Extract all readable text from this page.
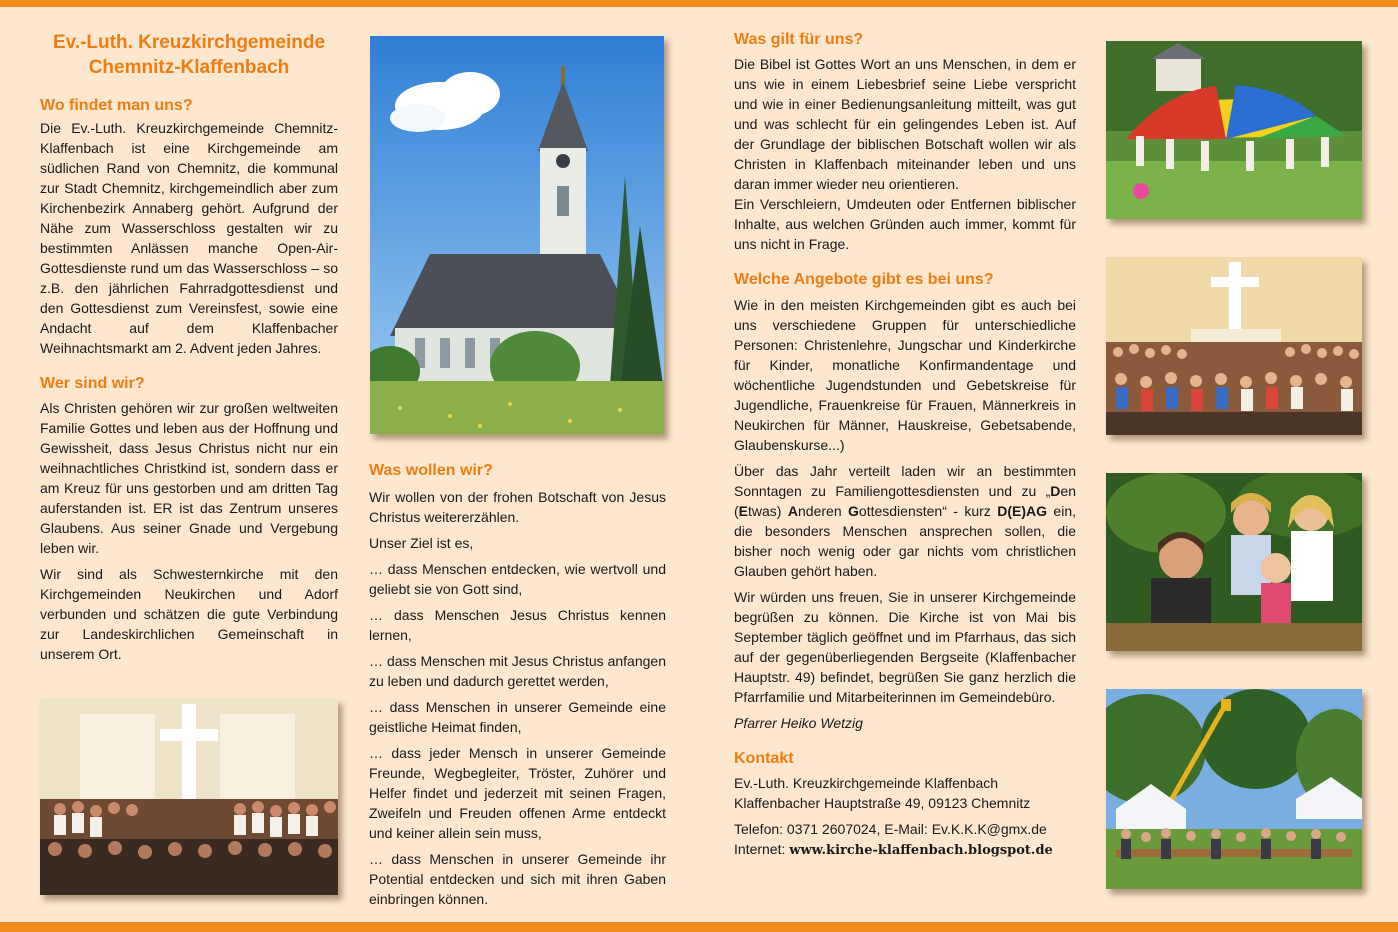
Ev.-Luth. Kreuzkirchgemeinde
Chemnitz-Klaffenbach

Wo findet man uns?

Die Ev.-Luth. Kreuzkirchgemeinde Chemnitz-Klaffenbach ist eine Kirchgemeinde am südlichen Rand von Chemnitz, die kommunal zur Stadt Chemnitz, kirchgemeindlich aber zum Kirchenbezirk Annaberg gehört. Aufgrund der Nähe zum Wasserschloss gestalten wir zu bestimmten Anlässen manche Open-Air-Gottesdienste rund um das Wasserschloss – so z.B. den jährlichen Fahrradgottesdienst und den Gottesdienst zum Vereinsfest, sowie eine Andacht auf dem Klaffenbacher Weihnachtsmarkt am 2. Advent jeden Jahres.

Wer sind wir?

Als Christen gehören wir zur großen weltweiten Familie Gottes und leben aus der Hoffnung und Gewissheit, dass Jesus Christus nicht nur ein weihnachtliches Christkind ist, sondern dass er am Kreuz für uns gestorben und am dritten Tag auferstanden ist. ER ist das Zentrum unseres Glaubens. Aus seiner Gnade und Vergebung leben wir.

Wir sind als Schwesternkirche mit den Kirchgemeinden Neukirchen und Adorf verbunden und schätzen die gute Verbindung zur Landeskirchlichen Gemeinschaft in unserem Ort.

Was wollen wir?

Wir wollen von der frohen Botschaft von Jesus Christus weitererzählen.

Unser Ziel ist es,

… dass Menschen entdecken, wie wertvoll und geliebt sie von Gott sind,

… dass Menschen Jesus Christus kennen lernen,

… dass Menschen mit Jesus Christus anfangen zu leben und dadurch gerettet werden,

… dass Menschen in unserer Gemeinde eine geistliche Heimat finden,

… dass jeder Mensch in unserer Gemeinde Freunde, Wegbegleiter, Tröster, Zuhörer und Helfer findet und jederzeit mit seinen Fragen, Zweifeln und Freuden offenen Arme entdeckt und keiner allein sein muss,

… dass Menschen in unserer Gemeinde ihr Potential entdecken und sich mit ihren Gaben einbringen können.

Was gilt für uns?

Die Bibel ist Gottes Wort an uns Menschen, in dem er uns wie in einem Liebesbrief seine Liebe verspricht und wie in einer Bedienungsanleitung mitteilt, was gut und was schlecht für ein gelingendes Leben ist. Auf der Grundlage der biblischen Botschaft wollen wir als Christen in Klaffenbach miteinander leben und uns daran immer wieder neu orientieren.

Ein Verschleiern, Umdeuten oder Entfernen biblischer Inhalte, aus welchen Gründen auch immer, kommt für uns nicht in Frage.

Welche Angebote gibt es bei uns?

Wie in den meisten Kirchgemeinden gibt es auch bei uns verschiedene Gruppen für unterschiedliche Personen: Christenlehre, Jungschar und Kinderkirche für Kinder, monatliche Konfirmandentage und wöchentliche Jugendstunden und Gebetskreise für Jugendliche, Frauenkreise für Frauen, Männerkreis in Neukirchen für Männer, Hauskreise, Gebetsabende, Glaubenskurse...)

Über das Jahr verteilt laden wir an bestimmten Sonntagen zu Familiengottesdiensten und zu „Den (Etwas) Anderen Gottesdiensten“ - kurz D(E)AG ein, die besonders Menschen ansprechen sollen, die bisher noch wenig oder gar nichts vom christlichen Glauben gehört haben.

Wir würden uns freuen, Sie in unserer Kirchgemeinde begrüßen zu können. Die Kirche ist von Mai bis September täglich geöffnet und im Pfarrhaus, das sich auf der gegenüberliegenden Bergseite (Klaffenbacher Hauptstr. 49) befindet, begrüßen Sie ganz herzlich die Pfarrfamilie und Mitarbeiterinnen im Gemeindebüro.

Pfarrer Heiko Wetzig

Kontakt

Ev.-Luth. Kreuzkirchgemeinde Klaffenbach

Klaffenbacher Hauptstraße 49, 09123 Chemnitz

Telefon: 0371 2607024, E-Mail: Ev.K.K.K@gmx.de

Internet: www.kirche-klaffenbach.blogspot.de
